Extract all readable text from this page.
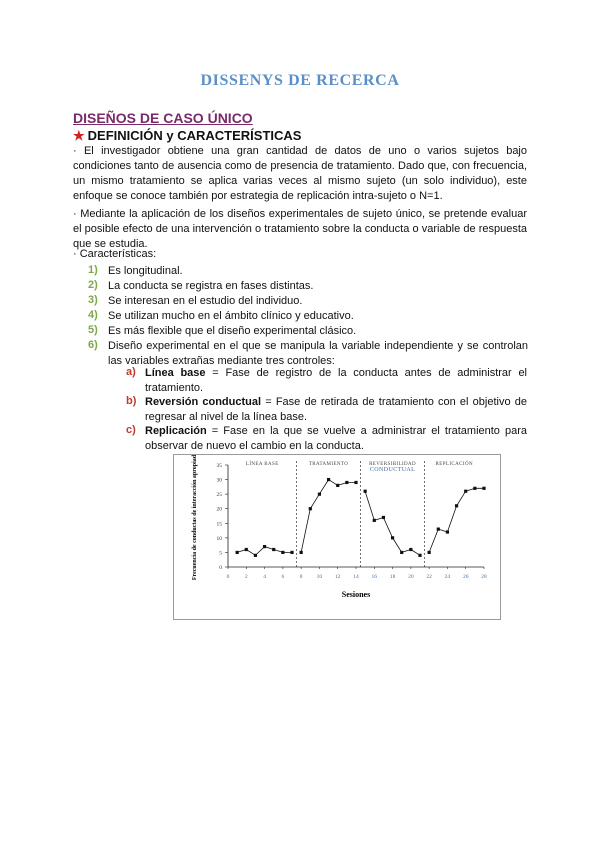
DISSENYS DE RECERCA
DISEÑOS DE CASO ÚNICO
★ DEFINICIÓN y CARACTERÍSTICAS

· El investigador obtiene una gran cantidad de datos de uno o varios sujetos bajo condiciones tanto de ausencia como de presencia de tratamiento. Dado que, con frecuencia, un mismo tratamiento se aplica varias veces al mismo sujeto (un solo individuo), este enfoque se conoce también por estrategia de replicación intra-sujeto o N=1.

· Mediante la aplicación de los diseños experimentales de sujeto único, se pretende evaluar el posible efecto de una intervención o tratamiento sobre la conducta o variable de respuesta que se estudia.

· Características:

1) Es longitudinal.
2) La conducta se registra en fases distintas.
3) Se interesan en el estudio del individuo.
4) Se utilizan mucho en el ámbito clínico y educativo.
5) Es más flexible que el diseño experimental clásico.
6) Diseño experimental en el que se manipula la variable independiente y se controlan las variables extrañas mediante tres controles:
a) Línea base = Fase de registro de la conducta antes de administrar el tratamiento.
b) Reversión conductual = Fase de retirada de tratamiento con el objetivo de regresar al nivel de la línea base.
c) Replicación = Fase en la que se vuelve a administrar el tratamiento para observar de nuevo el cambio en la conducta.
LÍNEA BASE	TRATAMIENTO	REVERSIBILIDAD CONDUCTUAL
REPLICACIÓN
0
5
10
15
20
25
30
35
0	2	4	6	8	10 12 14 16 18 20 22 24 26 28
Frecuencia de conductas de interacción apropiada
Sesiones
